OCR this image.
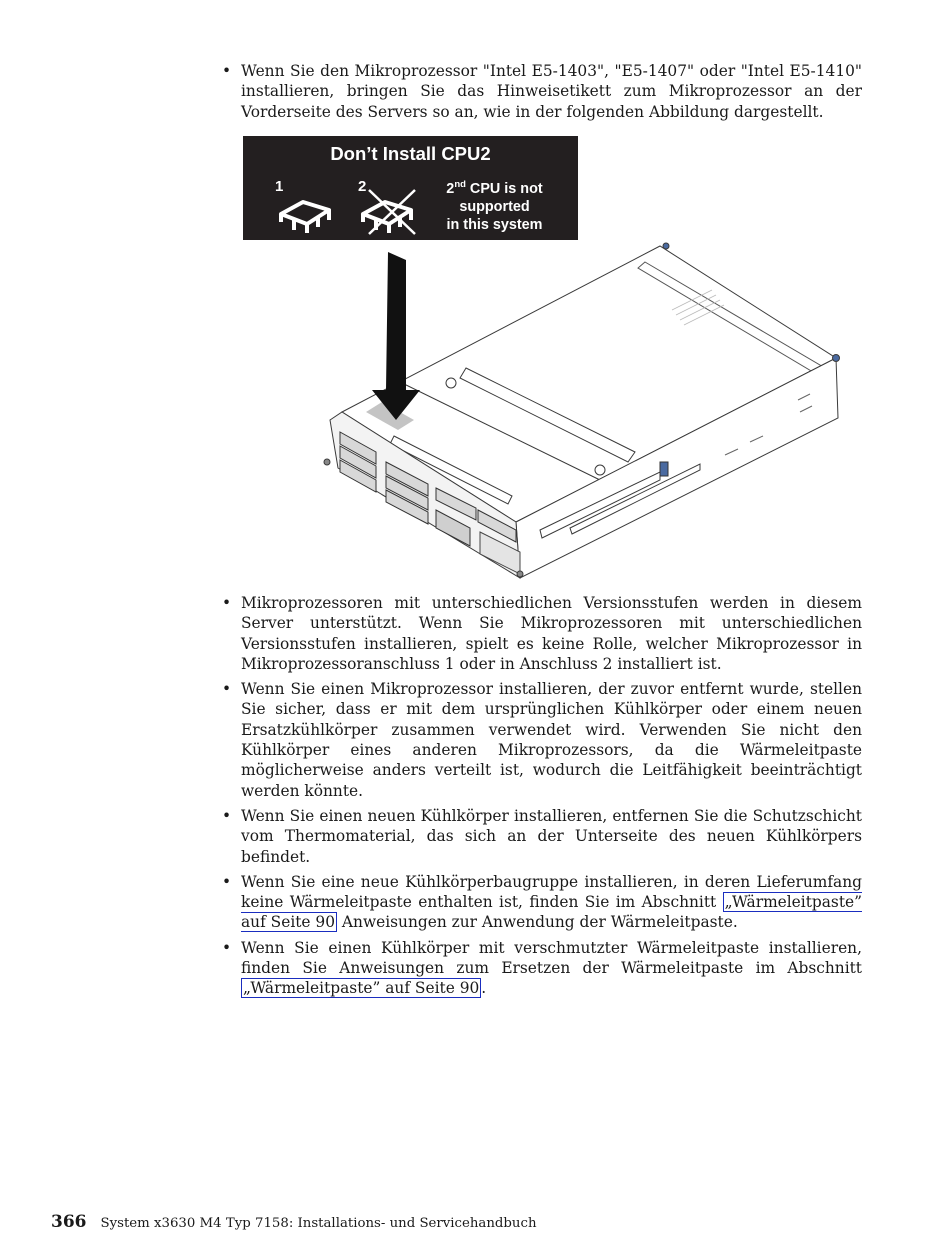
• Wenn Sie den Mikroprozessor "Intel E5-1403", "E5-1407" oder "Intel E5-1410" installieren, bringen Sie das Hinweisetikett zum Mikroprozessor an der Vorderseite des Servers so an, wie in der folgenden Abbildung dargestellt.
Don’t Install CPU2
1	2	2nd CPU is not
supported
in this system
• Mikroprozessoren mit unterschiedlichen Versionsstufen werden in diesem Server unterstützt. Wenn Sie Mikroprozessoren mit unterschiedlichen Versionsstufen installieren, spielt es keine Rolle, welcher Mikroprozessor in Mikroprozessoranschluss 1 oder in Anschluss 2 installiert ist.
• Wenn Sie einen Mikroprozessor installieren, der zuvor entfernt wurde, stellen Sie sicher, dass er mit dem ursprünglichen Kühlkörper oder einem neuen Ersatzkühlkörper zusammen verwendet wird. Verwenden Sie nicht den Kühlkörper eines anderen Mikroprozessors, da die Wärmeleitpaste möglicherweise anders verteilt ist, wodurch die Leitfähigkeit beeinträchtigt werden könnte.
• Wenn Sie einen neuen Kühlkörper installieren, entfernen Sie die Schutzschicht vom Thermomaterial, das sich an der Unterseite des neuen Kühlkörpers befindet.
• Wenn Sie eine neue Kühlkörperbaugruppe installieren, in deren Lieferumfang keine Wärmeleitpaste enthalten ist, finden Sie im Abschnitt „Wärmeleitpaste” auf Seite 90 Anweisungen zur Anwendung der Wärmeleitpaste.
• Wenn Sie einen Kühlkörper mit verschmutzter Wärmeleitpaste installieren, finden Sie Anweisungen zum Ersetzen der Wärmeleitpaste im Abschnitt „Wärmeleitpaste” auf Seite 90 .
366 System x3630 M4 Typ 7158: Installations- und Servicehandbuch
